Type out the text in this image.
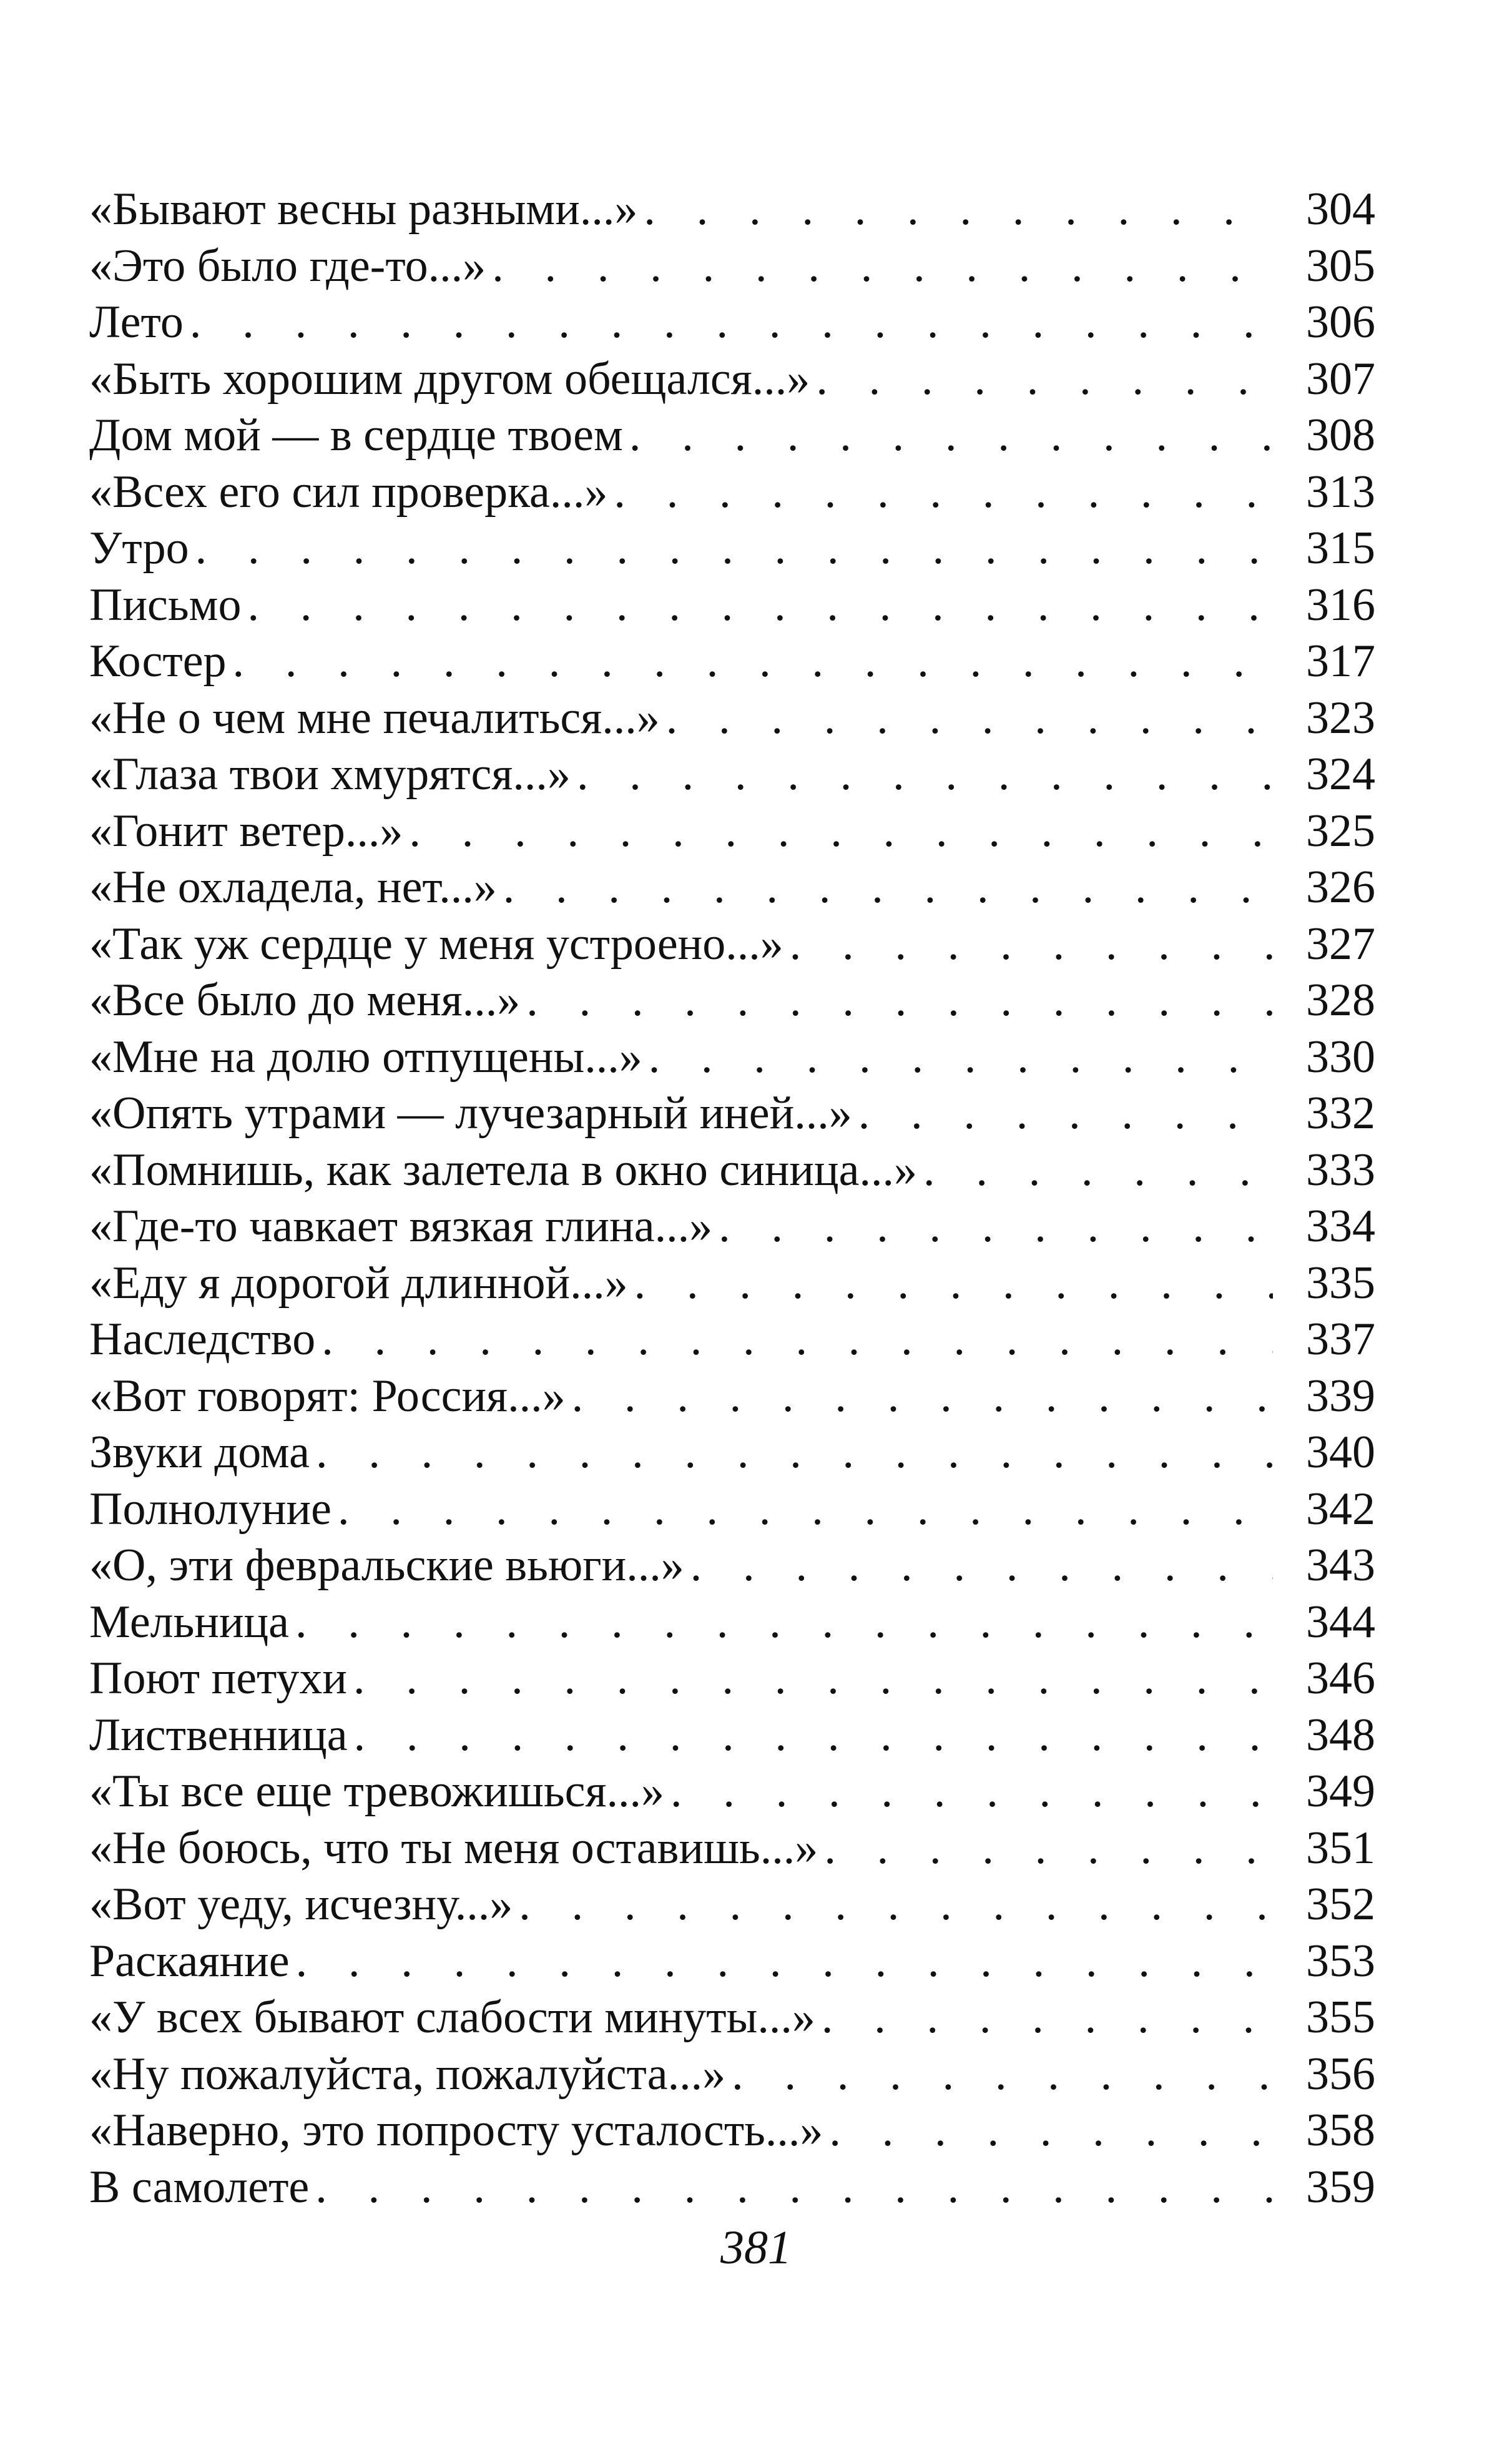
«Бывают весны разными...» . . .	304
«Это было где-то...» . . .	305
Лето . . .	306
«Быть хорошим другом обещался...» . . .	307
Дом мой — в сердце твоем . . .	308
«Всех его сил проверка...» . . .	313
Утро . . .	315
Письмо . . .	316
Костер . . .	317
«Не о чем мне печалиться...» . . .	323
«Глаза твои хмурятся...» . . .	324
«Гонит ветер...» . . .	325
«Не охладела, нет...» . . .	326
«Так уж сердце у меня устроено...» . . .	327
«Все было до меня...» . . .	328
«Мне на долю отпущены...» . . .	330
«Опять утрами — лучезарный иней...» . . .	332
«Помнишь, как залетела в окно синица...» . . .	333
«Где-то чавкает вязкая глина...» . . .	334
«Еду я дорогой длинной...» . . .	335
Наследство . . .	337
«Вот говорят: Россия...» . . .	339
Звуки дома . . .	340
Полнолуние . . .	342
«О, эти февральские вьюги...» . . .	343
Мельница . . .	344
Поют петухи . . .	346
Лиственница . . .	348
«Ты все еще тревожишься...» . . .	349
«Не боюсь, что ты меня оставишь...» . . .	351
«Вот уеду, исчезну...» . . .	352
Раскаяние . . .	353
«У всех бывают слабости минуты...» . . .	355
«Ну пожалуйста, пожалуйста...» . . .	356
«Наверно, это попросту усталость...» . . .	358
В самолете . . .	359
381
